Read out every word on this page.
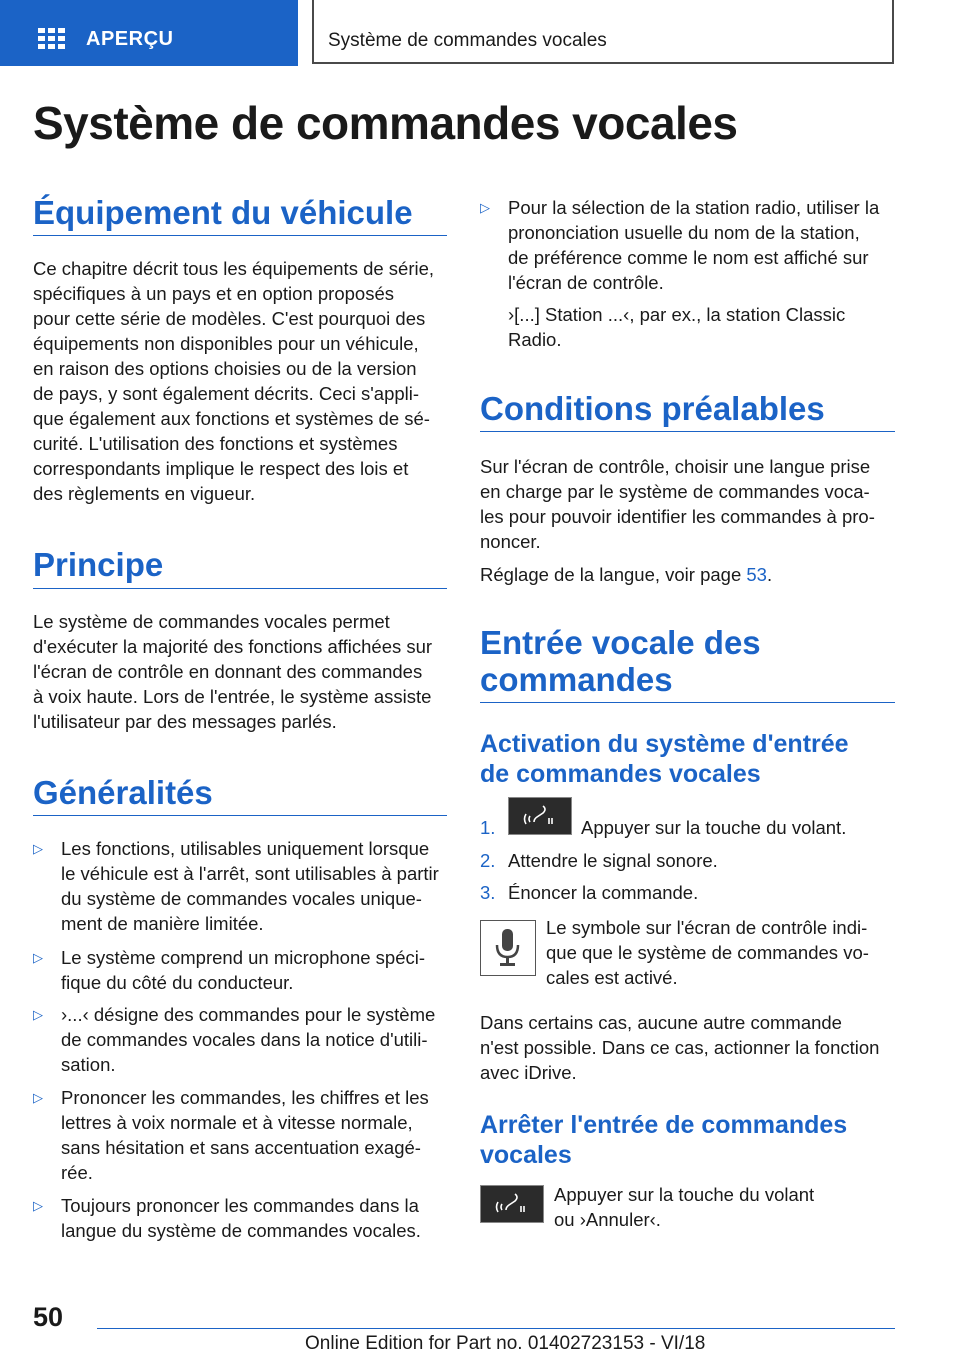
APERÇU	Système de commandes vocales
Système de commandes vocales
Équipement du véhicule
Ce chapitre décrit tous les équipements de série,
spécifiques à un pays et en option proposés
pour cette série de modèles. C'est pourquoi des
équipements non disponibles pour un véhicule,
en raison des options choisies ou de la version
de pays, y sont également décrits. Ceci s'appli‐
que également aux fonctions et systèmes de sé‐
curité. L'utilisation des fonctions et systèmes
correspondants implique le respect des lois et
des règlements en vigueur.
Principe
Le système de commandes vocales permet
d'exécuter la majorité des fonctions affichées sur
l'écran de contrôle en donnant des commandes
à voix haute. Lors de l'entrée, le système assiste
l'utilisateur par des messages parlés.
Généralités
▷ Les fonctions, utilisables uniquement lorsque
le véhicule est à l'arrêt, sont utilisables à partir
du système de commandes vocales unique‐
ment de manière limitée.
▷ Le système comprend un microphone spéci‐
fique du côté du conducteur.
▷ ›...‹ désigne des commandes pour le système
de commandes vocales dans la notice d'utili‐
sation.
▷ Prononcer les commandes, les chiffres et les
lettres à voix normale et à vitesse normale,
sans hésitation et sans accentuation exagé‐
rée.
▷ Toujours prononcer les commandes dans la
langue du système de commandes vocales.
▷ Pour la sélection de la station radio, utiliser la
prononciation usuelle du nom de la station,
de préférence comme le nom est affiché sur
l'écran de contrôle.
›[...] Station ...‹, par ex., la station Classic
Radio.
Conditions préalables
Sur l'écran de contrôle, choisir une langue prise
en charge par le système de commandes voca‐
les pour pouvoir identifier les commandes à pro‐
noncer.
Réglage de la langue, voir page 53.
Entrée vocale des
commandes
Activation du système d'entrée
de commandes vocales
1.	Appuyer sur la touche du volant.
2. Attendre le signal sonore.
3. Énoncer la commande.
Le symbole sur l'écran de contrôle indi‐
que que le système de commandes vo‐
cales est activé.
Dans certains cas, aucune autre commande
n'est possible. Dans ce cas, actionner la fonction
avec iDrive.
Arrêter l'entrée de commandes
vocales
Appuyer sur la touche du volant
ou ›Annuler‹.
50
Online Edition for Part no. 01402723153 - VI/18
